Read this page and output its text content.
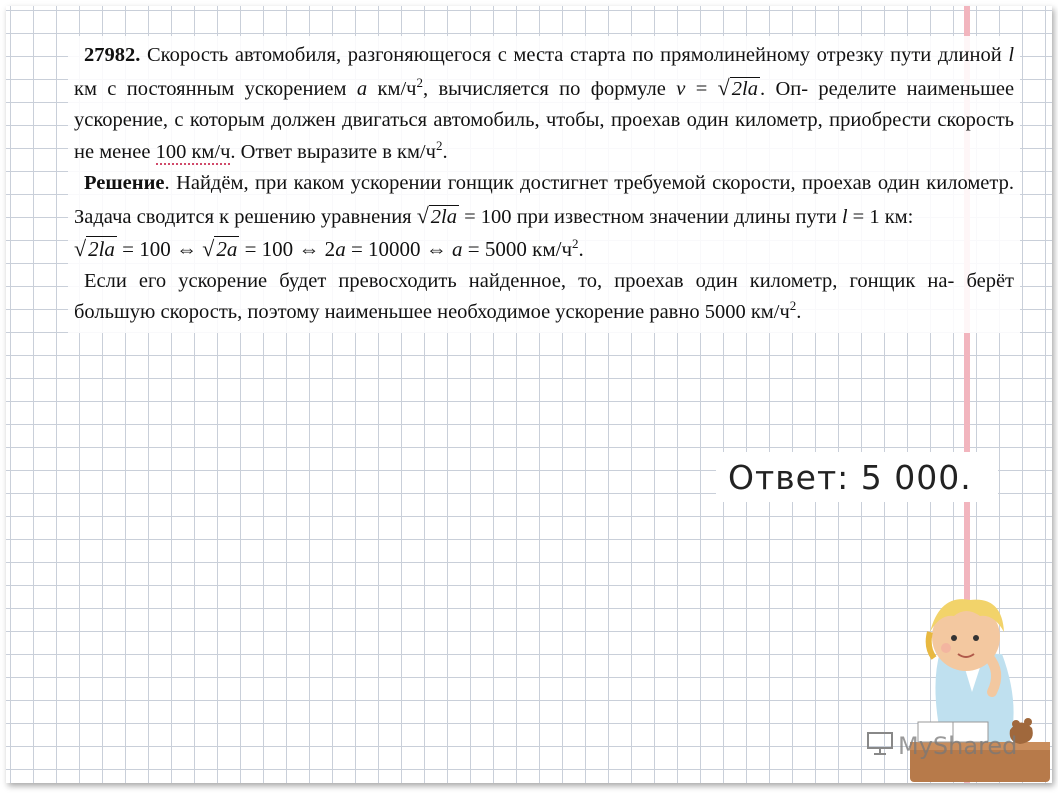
27982. Скорость автомобиля, разгоняющегося с места старта по прямолинейному отрезку пути длиной l км с постоянным ускорением a $км/ч^2$, вычисляется по формуле v = √2la. Оп- ределите наименьшее ускорение, с которым должен двигаться автомобиль, чтобы, проехав один километр, приобрести скорость не менее 100 км/ч. Ответ выразите в $км/ч^2$.

Решение. Найдём, при каком ускорении гонщик достигнет требуемой скорости, проехав один километр. Задача сводится к решению уравнения √2la = 100 при известном значении длины пути l = 1 км:

√2la = 100 ⇔ √2a = 100 ⇔ 2a = 10000 ⇔ a = 5000 $км/ч^2$.

Если его ускорение будет превосходить найденное, то, проехав один километр, гонщик на- берёт большую скорость, поэтому наименьшее необходимое ускорение равно 5000 $км/ч^2$.

Ответ: 5 000.
MyShared
